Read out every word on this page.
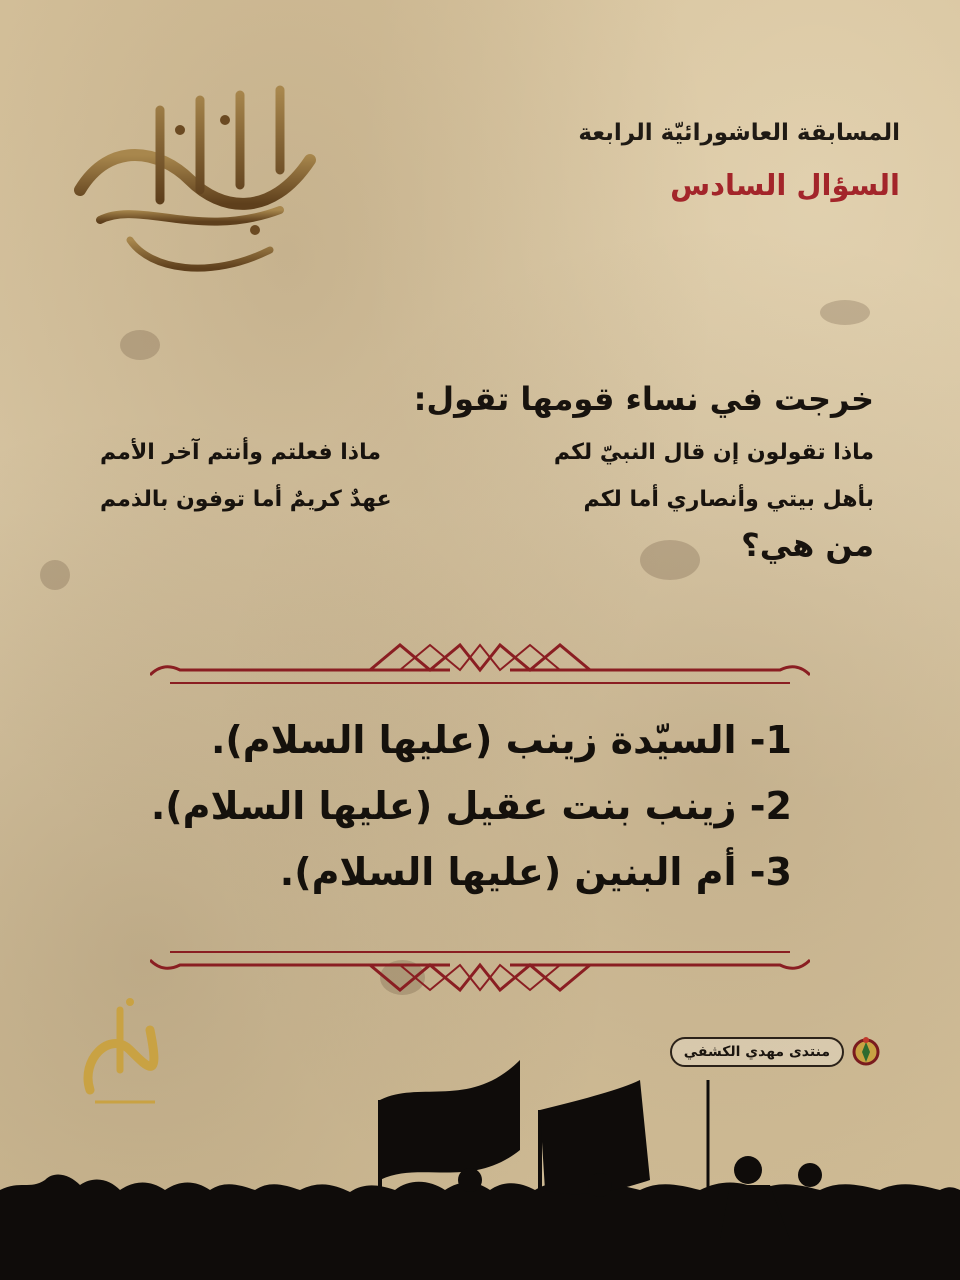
المسابقة العاشورائيّة الرابعة
السؤال السادس
خرجت في نساء قومها تقول:
ماذا تقولون إن قال النبيّ لكم
ماذا فعلتم وأنتم آخر الأمم
بأهل بيتي وأنصاري أما لكم
عهدٌ كريمٌ أما توفون بالذمم
من هي؟
1- السيّدة زينب (عليها السلام).
2- زينب بنت عقيل (عليها السلام).
3- أم البنين (عليها السلام).
منتدى مهدي الكشفي
